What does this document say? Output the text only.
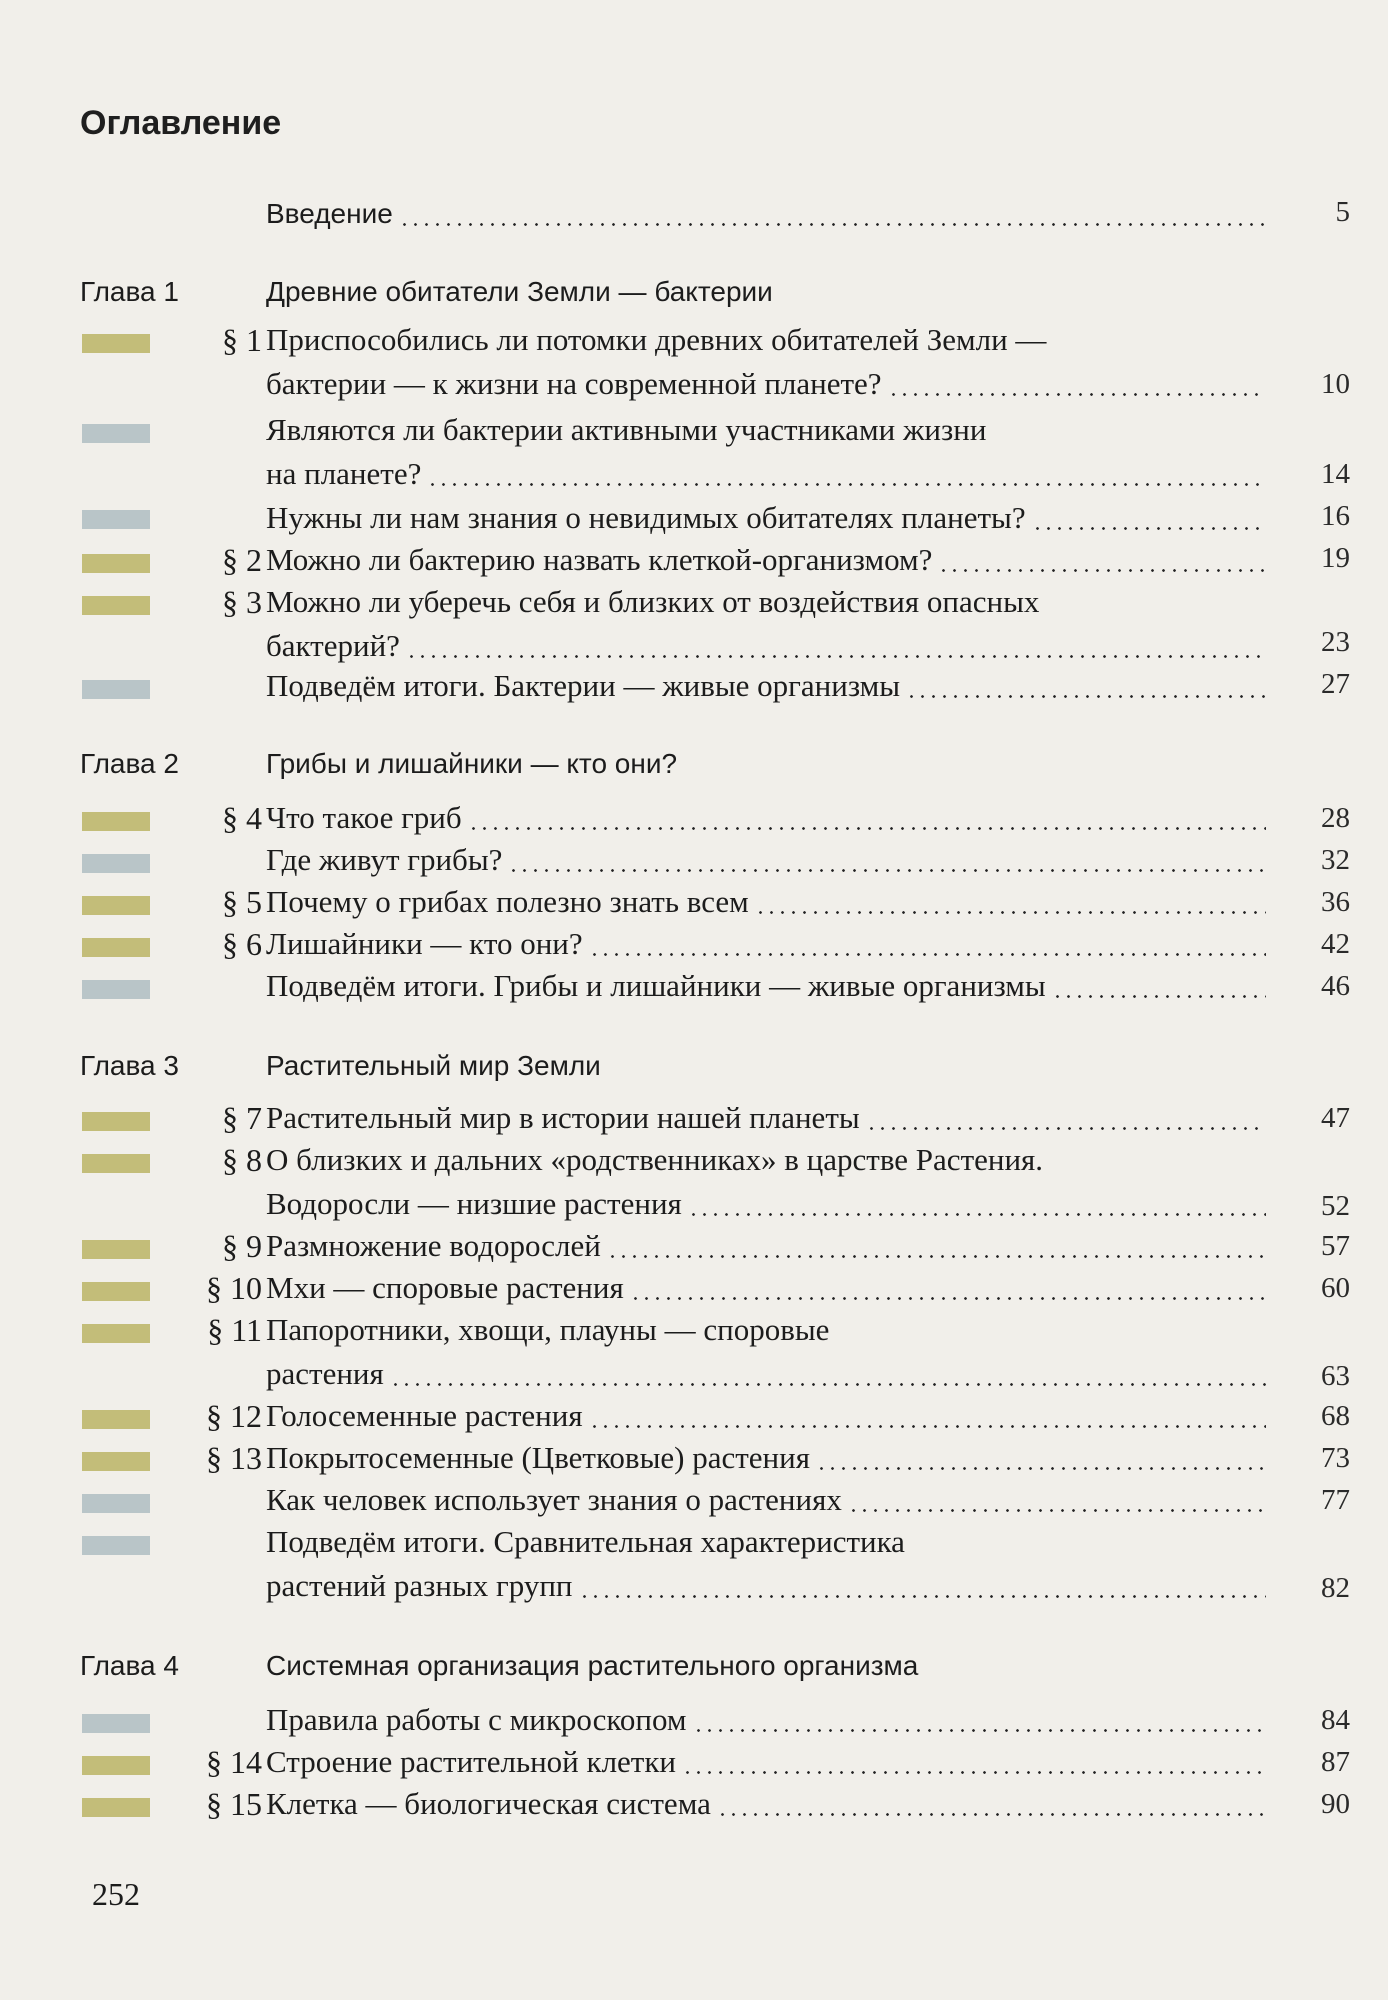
Оглавление
Введение	5
Глава 1	Древние обитатели Земли — бактерии
§ 1 Приспособились ли потомки древних обитателей Земли —
бактерии — к жизни на современной планете?	10
Являются ли бактерии активными участниками жизни
на планете?	14
Нужны ли нам знания о невидимых обитателях планеты?	16
§ 2 Можно ли бактерию назвать клеткой-организмом?	19
§ 3 Можно ли уберечь себя и близких от воздействия опасных
бактерий?	23
Подведём итоги. Бактерии — живые организмы	27
Глава 2	Грибы и лишайники — кто они?
§ 4 Что такое гриб	28
Где живут грибы?	32
§ 5 Почему о грибах полезно знать всем	36
§ 6 Лишайники — кто они?	42
Подведём итоги. Грибы и лишайники — живые организмы	46
Глава 3	Растительный мир Земли
§ 7 Растительный мир в истории нашей планеты	47
§ 8 О близких и дальних «родственниках» в царстве Растения.
Водоросли — низшие растения	52
§ 9 Размножение водорослей	57
§ 10 Мхи — споровые растения	60
§ 11 Папоротники, хвощи, плауны — споровые
растения	63
§ 12 Голосеменные растения	68
§ 13 Покрытосеменные (Цветковые) растения	73
Как человек использует знания о растениях	77
Подведём итоги. Сравнительная характеристика
растений разных групп	82
Глава 4	Системная организация растительного организма
Правила работы с микроскопом	84
§ 14 Строение растительной клетки	87
§ 15 Клетка — биологическая система	90
252
